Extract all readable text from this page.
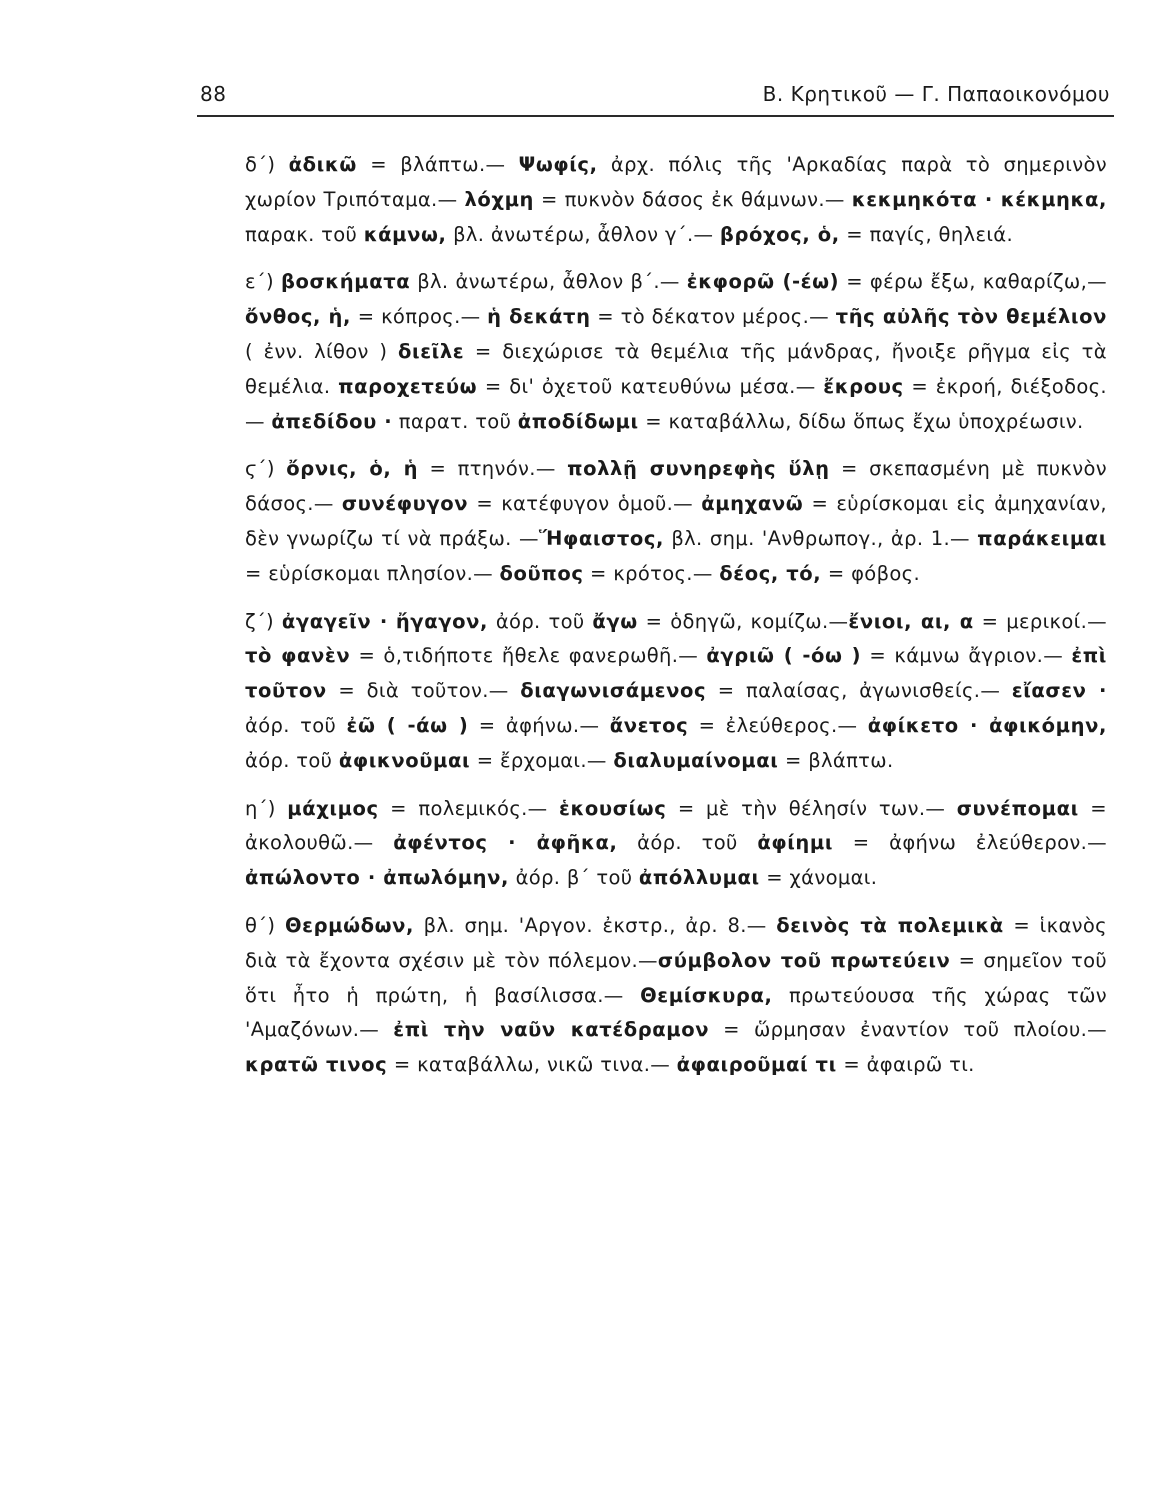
88	Β. Κρητικοῦ — Γ. Παπαοικονόμου

δ΄) ἀδικῶ = βλάπτω.— Ψωφίς, ἀρχ. πόλις τῆς 'Αρκαδίας παρὰ τὸ σημερινὸν χωρίον Τριπόταμα.— λόχμη = πυκνὸν δάσος ἐκ θάμνων.— κεκμηκότα · κέκμηκα, παρακ. τοῦ κάμνω, βλ. ἀνωτέρω, ἆθλον γ΄.— βρόχος, ὁ, = παγίς, θηλειά.

ε΄) βοσκήματα βλ. ἀνωτέρω, ἆθλον β΄.— ἐκφορῶ (-έω) = φέρω ἔξω, καθαρίζω,— ὄνθος, ἡ, = κόπρος.— ἡ δεκάτη = τὸ δέκατον μέρος.— τῆς αὐλῆς τὸν θεμέλιον ( ἐνν. λίθον ) διεῖλε = διεχώρισε τὰ θεμέλια τῆς μάνδρας, ἤνοιξε ρῆγμα εἰς τὰ θεμέλια. παροχετεύω = δι' ὀχετοῦ κατευθύνω μέσα.— ἔκρους = ἐκροή, διέξοδος.— ἀπεδίδου · παρατ. τοῦ ἀποδίδωμι = καταβάλλω, δίδω ὅπως ἔχω ὑποχρέωσιν.

ϛ΄) ὄρνις, ὁ, ἡ = πτηνόν.— πολλῇ συνηρεφὴς ὕλῃ = σκεπασμένη μὲ πυκνὸν δάσος.— συνέφυγον = κατέφυγον ὁμοῦ.— ἀμηχανῶ = εὑρίσκομαι εἰς ἀμηχανίαν, δὲν γνωρίζω τί νὰ πράξω. —Ἥφαιστος, βλ. σημ. 'Ανθρωπογ., ἀρ. 1.— παράκειμαι = εὑρίσκομαι πλησίον.— δοῦπος = κρότος.— δέος, τό, = φόβος.

ζ΄) ἀγαγεῖν · ἤγαγον, ἀόρ. τοῦ ἄγω = ὁδηγῶ, κομίζω.—ἔνιοι, αι, α = μερικοί.— τὸ φανὲν = ὁ,τιδήποτε ἤθελε φανερωθῆ.— ἀγριῶ ( -όω ) = κάμνω ἄγριον.— ἐπὶ τοῦτον = διὰ τοῦτον.— διαγωνισάμενος = παλαίσας, ἀγωνισθείς.— εἴασεν · ἀόρ. τοῦ ἐῶ ( -άω ) = ἀφήνω.— ἄνετος = ἐλεύθερος.— ἀφίκετο · ἀφικόμην, ἀόρ. τοῦ ἀφικνοῦμαι = ἔρχομαι.— διαλυμαίνομαι = βλάπτω.

η΄) μάχιμος = πολεμικός.— ἑκουσίως = μὲ τὴν θέλησίν των.— συνέπομαι = ἀκολουθῶ.— ἀφέντος · ἀφῆκα, ἀόρ. τοῦ ἀφίημι = ἀφήνω ἐλεύθερον.— ἀπώλοντο · ἀπωλόμην, ἀόρ. β΄ τοῦ ἀπόλλυμαι = χάνομαι.

θ΄) Θερμώδων, βλ. σημ. 'Αργον. ἐκστρ., ἀρ. 8.— δεινὸς τὰ πολεμικὰ = ἱκανὸς διὰ τὰ ἔχοντα σχέσιν μὲ τὸν πόλεμον.—σύμβολον τοῦ πρωτεύειν = σημεῖον τοῦ ὅτι ἦτο ἡ πρώτη, ἡ βασίλισσα.— Θεμίσκυρα, πρωτεύουσα τῆς χώρας τῶν 'Αμαζόνων.— ἐπὶ τὴν ναῦν κατέδραμον = ὥρμησαν ἐναντίον τοῦ πλοίου.— κρατῶ τινος = καταβάλλω, νικῶ τινα.— ἀφαιροῦμαί τι = ἀφαιρῶ τι.
